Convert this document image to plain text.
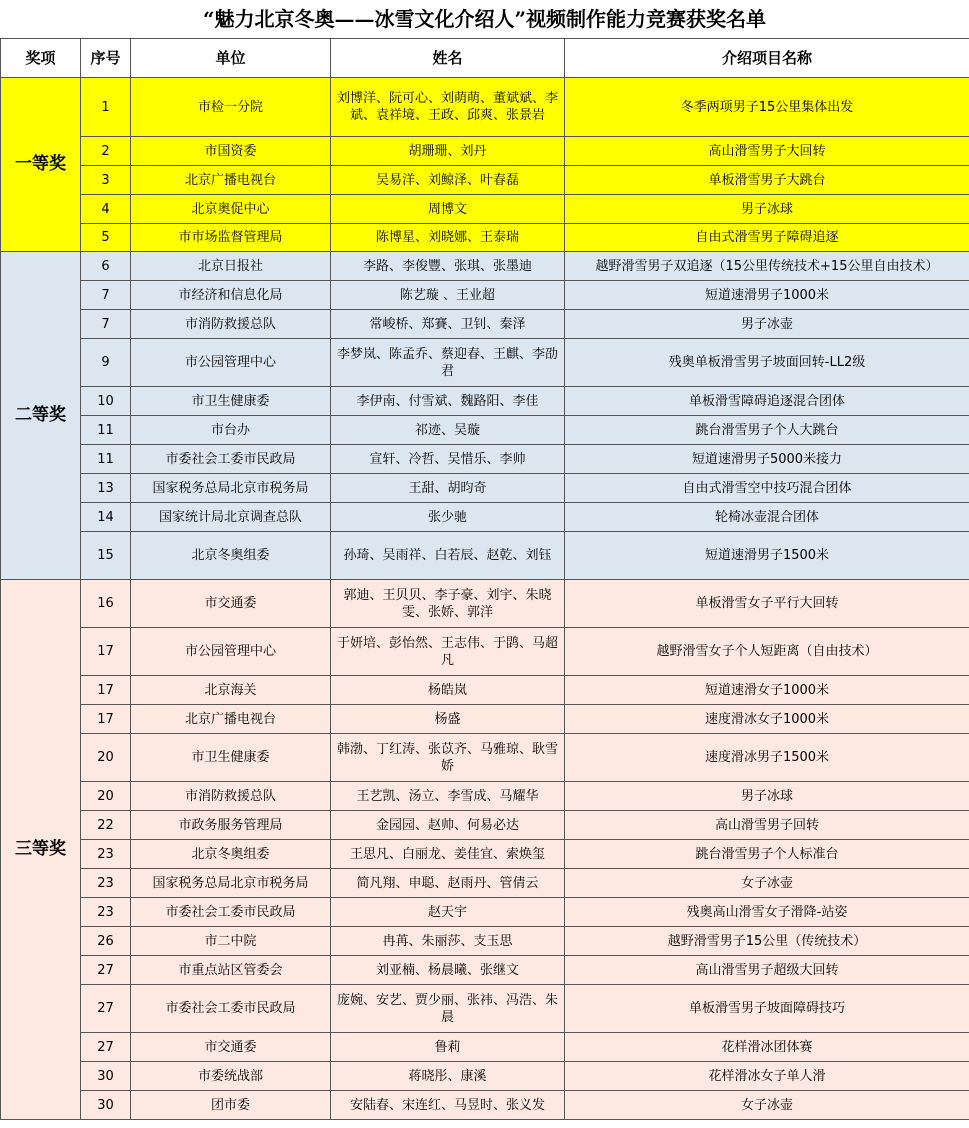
“魅力北京冬奥——冰雪文化介绍人”视频制作能力竞赛获奖名单
奖项	序号	单位	姓名	介绍项目名称
一等奖	1	市检一分院	刘博洋、阮可心、刘萌萌、董斌斌、李斌、袁祥境、王政、邱爽、张景岩	冬季两项男子15公里集体出发
	2	市国资委	胡珊珊、刘丹	高山滑雪男子大回转
	3	北京广播电视台	吴易洋、刘鲸泽、叶春磊	单板滑雪男子大跳台
	4	北京奥促中心	周博文	男子冰球
	5	市市场监督管理局	陈博星、刘晓娜、王泰瑞	自由式滑雪男子障碍追逐
二等奖	6	北京日报社	李路、李俊豐、张琪、张墨迪	越野滑雪男子双追逐（15公里传统技术+15公里自由技术）
	7	市经济和信息化局	陈艺璇 、王业超	短道速滑男子1000米
	7	市消防救援总队	常峻桥、郑賽、卫钊、秦泽	男子冰壶
	9	市公园管理中心	李梦岚、陈孟乔、蔡迎春、王麒、李劭君	残奥单板滑雪男子坡面回转-LL2级
	10	市卫生健康委	李伊南、付雪斌、魏路阳、李佳	单板滑雪障碍追逐混合团体
	11	市台办	祁迹、吴璇	跳台滑雪男子个人大跳台
	11	市委社会工委市民政局	宣轩、冷哲、吴惜乐、李帅	短道速滑男子5000米接力
	13	国家税务总局北京市税务局	王甜、胡昀奇	自由式滑雪空中技巧混合团体
	14	国家统计局北京调查总队	张少驰	轮椅冰壶混合团体
	15	北京冬奥组委	孙琦、吴雨祥、白若辰、赵乾、刘钰	短道速滑男子1500米
三等奖	16	市交通委	郭迪、王贝贝、李子豪、刘宇、朱晓雯、张娇、郭洋	单板滑雪女子平行大回转
	17	市公园管理中心	于妍培、彭怡然、王志伟、于鹍、马超凡	越野滑雪女子个人短距离（自由技术）
	17	北京海关	杨皓岚	短道速滑女子1000米
	17	北京广播电视台	杨盛	速度滑冰女子1000米
	20	市卫生健康委	韩渤、丁红涛、张苡齐、马雅琼、耿雪娇	速度滑冰男子1500米
	20	市消防救援总队	王艺凯、汤立、李雪成、马耀华	男子冰球
	22	市政务服务管理局	金园园、赵帅、何易必达	高山滑雪男子回转
	23	北京冬奥组委	王思凡、白丽龙、姜佳宜、索焕玺	跳台滑雪男子个人标准台
	23	国家税务总局北京市税务局	简凡翔、申聪、赵雨丹、管倩云	女子冰壶
	23	市委社会工委市民政局	赵天宇	残奥高山滑雪女子滑降-站姿
	26	市二中院	冉苒、朱丽莎、支玉思	越野滑雪男子15公里（传统技术）
	27	市重点站区管委会	刘亚楠、杨晨曦、张继文	高山滑雪男子超级大回转
	27	市委社会工委市民政局	庞婉、安艺、贾少丽、张祎、冯浩、朱晨	单板滑雪男子坡面障碍技巧
	27	市交通委	鲁莉	花样滑冰团体赛
	30	市委统战部	蒋晓彤、康溪	花样滑冰女子单人滑
	30	团市委	安陆春、宋连红、马昱时、张义发	女子冰壶
